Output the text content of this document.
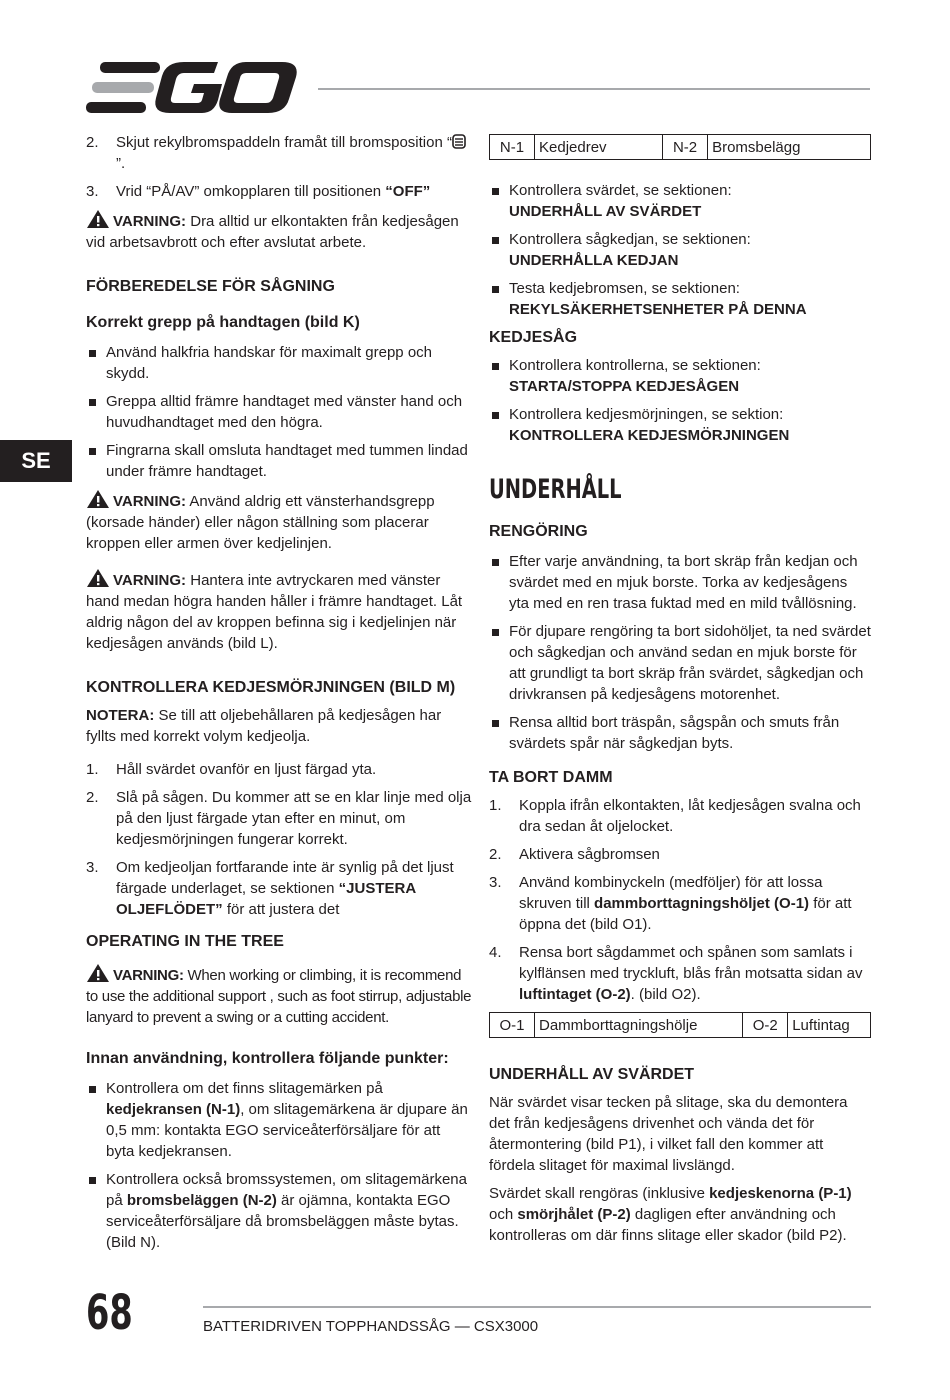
SE
2. Skjut rekylbromspaddeln framåt till bromsposition “”.
3. Vrid “PÅ/AV” omkopplaren till positionen “OFF”

VARNING: Dra alltid ur elkontakten från kedjesågen vid arbetsavbrott och efter avslutat arbete.

FÖRBEREDELSE FÖR SÅGNING

Korrekt grepp på handtagen (bild K)

Använd halkfria handskar för maximalt grepp och skydd.
Greppa alltid främre handtaget med vänster hand och huvudhandtaget med den högra.
Fingrarna skall omsluta handtaget med tummen lindad under främre handtaget.

VARNING: Använd aldrig ett vänsterhandsgrepp (korsade händer) eller någon ställning som placerar kroppen eller armen över kedjelinjen.

VARNING: Hantera inte avtryckaren med vänster hand medan högra handen håller i främre handtaget. Låt aldrig någon del av kroppen befinna sig i kedjelinjen när kedjesågen används (bild L).

KONTROLLERA KEDJESMÖRJNINGEN (BILD M)

NOTERA: Se till att oljebehållaren på kedjesågen har fyllts med korrekt volym kedjeolja.

1. Håll svärdet ovanför en ljust färgad yta.
2. Slå på sågen. Du kommer att se en klar linje med olja på den ljust färgade ytan efter en minut, om kedjesmörjningen fungerar korrekt.
3. Om kedjeoljan fortfarande inte är synlig på det ljust färgade underlaget, se sektionen “JUSTERA OLJEFLÖDET” för att justera det

OPERATING IN THE TREE

VARNING: When working or climbing, it is recommend to use the additional support , such as foot stirrup, adjustable lanyard to prevent a swing or a cutting accident.

Innan användning, kontrollera följande punkter:

Kontrollera om det finns slitagemärken på kedjekransen (N-1), om slitagemärkena är djupare än 0,5 mm: kontakta EGO serviceåterförsäljare för att byta kedjekransen.
Kontrollera också bromssystemen, om slitagemärkena på bromsbeläggen (N-2) är ojämna, kontakta EGO serviceåterförsäljare då bromsbeläggen måste bytas. (Bild N).
N-1	Kedjedrev	N-2	Bromsbelägg
Kontrollera svärdet, se sektionen:
UNDERHÅLL AV SVÄRDET
Kontrollera sågkedjan, se sektionen:
UNDERHÅLLA KEDJAN
Testa kedjebromsen, se sektionen:
REKYLSÄKERHETSENHETER PÅ DENNA

KEDJESÅG

Kontrollera kontrollerna, se sektionen:
STARTA/STOPPA KEDJESÅGEN
Kontrollera kedjesmörjningen, se sektion:
KONTROLLERA KEDJESMÖRJNINGEN

UNDERHÅLL

RENGÖRING

Efter varje användning, ta bort skräp från kedjan och svärdet med en mjuk borste. Torka av kedjesågens yta med en ren trasa fuktad med en mild tvållösning.
För djupare rengöring ta bort sidohöljet, ta ned svärdet och sågkedjan och använd sedan en mjuk borste för att grundligt ta bort skräp från svärdet, sågkedjan och drivkransen på kedjesågens motorenhet.
Rensa alltid bort träspån, sågspån och smuts från svärdets spår när sågkedjan byts.

TA BORT DAMM

1. Koppla ifrån elkontakten, låt kedjesågen svalna och dra sedan åt oljelocket.
2. Aktivera sågbromsen
3. Använd kombinyckeln (medföljer) för att lossa skruven till dammborttagningshöljet (O-1) för att öppna det (bild O1).
4. Rensa bort sågdammet och spånen som samlats i kylflänsen med tryckluft, blås från motsatta sidan av luftintaget (O-2). (bild O2).
O-1	Dammborttagningshölje	O-2	Luftintag

UNDERHÅLL AV SVÄRDET

När svärdet visar tecken på slitage, ska du demontera det från kedjesågens drivenhet och vända det för återmontering (bild P1), i vilket fall den kommer att fördela slitaget för maximal livslängd.

Svärdet skall rengöras (inklusive kedjeskenorna (P-1) och smörjhålet (P-2) dagligen efter användning och kontrolleras om där finns slitage eller skador (bild P2).

68	BATTERIDRIVEN TOPPHANDSSÅG — CSX3000
